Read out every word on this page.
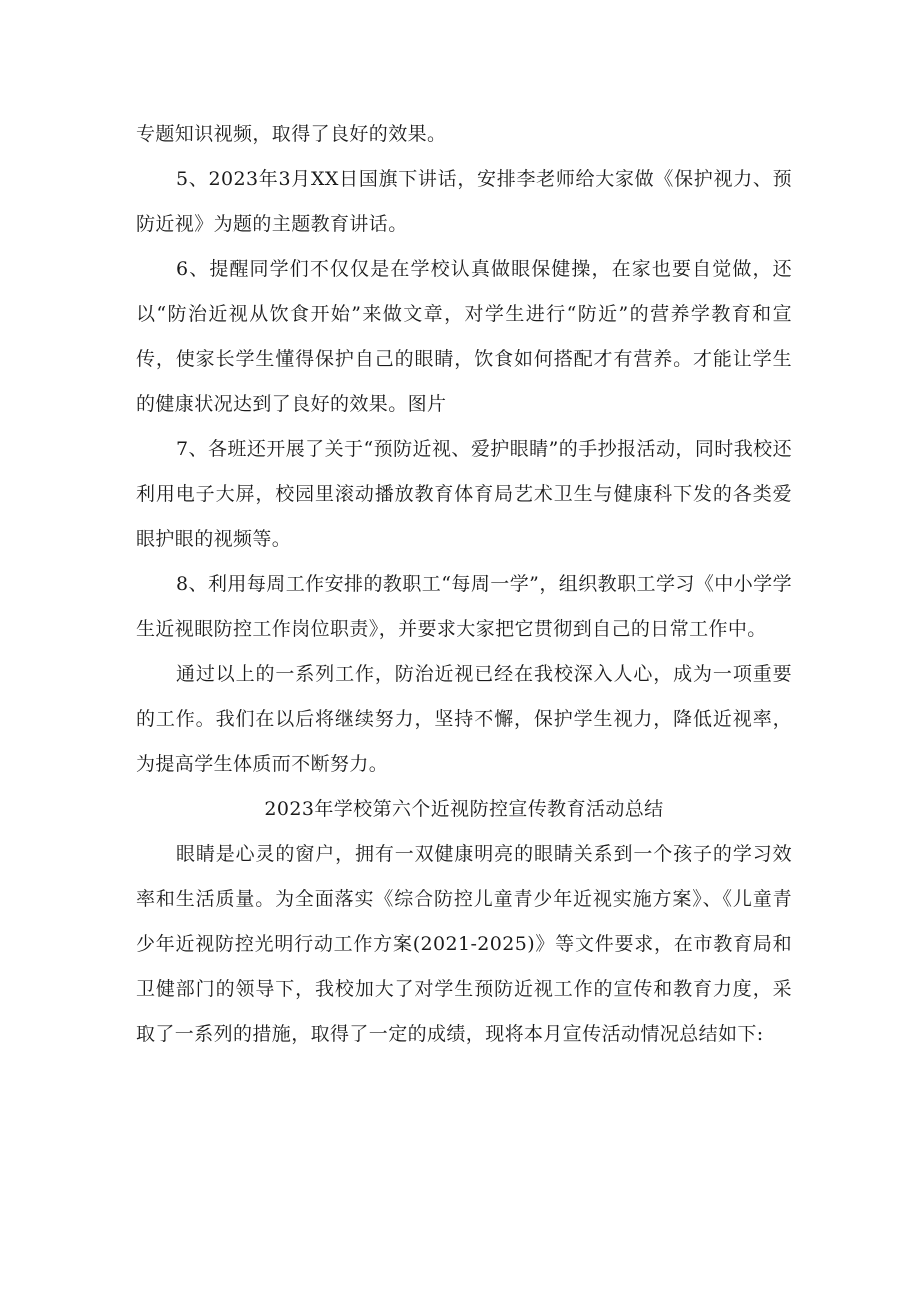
专题知识视频，取得了良好的效果。

5、2023年3月XX日国旗下讲话，安排李老师给大家做《保护视力、预防近视》为题的主题教育讲话。

6、提醒同学们不仅仅是在学校认真做眼保健操，在家也要自觉做，还以“防治近视从饮食开始”来做文章，对学生进行“防近”的营养学教育和宣传，使家长学生懂得保护自己的眼睛，饮食如何搭配才有营养。才能让学生的健康状况达到了良好的效果。图片

7、各班还开展了关于“预防近视、爱护眼睛”的手抄报活动，同时我校还利用电子大屏，校园里滚动播放教育体育局艺术卫生与健康科下发的各类爱眼护眼的视频等。

8、利用每周工作安排的教职工“每周一学”，组织教职工学习《中小学学生近视眼防控工作岗位职责》，并要求大家把它贯彻到自己的日常工作中。

通过以上的一系列工作，防治近视已经在我校深入人心，成为一项重要的工作。我们在以后将继续努力，坚持不懈，保护学生视力，降低近视率，为提高学生体质而不断努力。

2023年学校第六个近视防控宣传教育活动总结

眼睛是心灵的窗户，拥有一双健康明亮的眼睛关系到一个孩子的学习效率和生活质量。为全面落实《综合防控儿童青少年近视实施方案》、《儿童青少年近视防控光明行动工作方案(2021-2025)》等文件要求，在市教育局和卫健部门的领导下，我校加大了对学生预防近视工作的宣传和教育力度，采取了一系列的措施，取得了一定的成绩，现将本月宣传活动情况总结如下:
